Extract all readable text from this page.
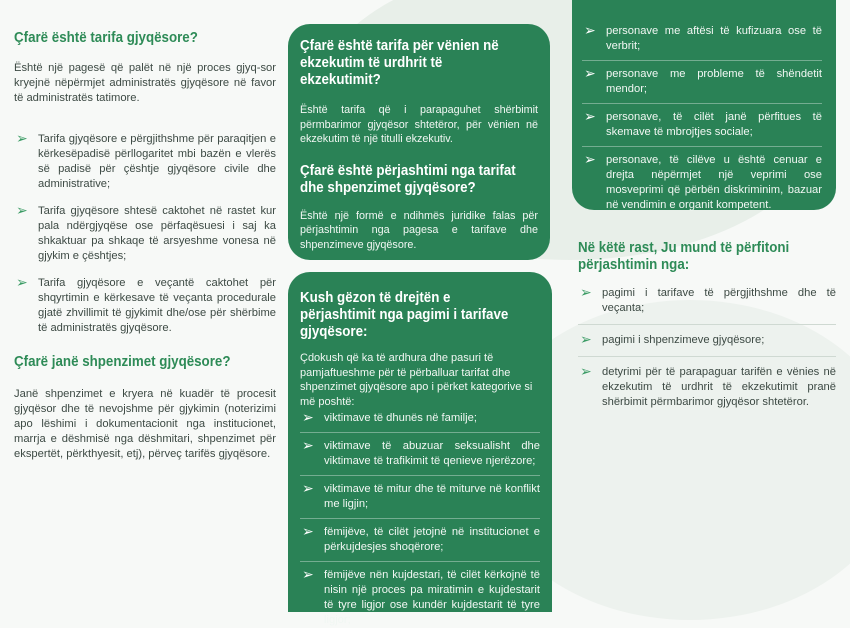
Çfarë është tarifa gjyqësore?

Është një pagesë që palët në një proces gjyq-sor kryejnë nëpërmjet administratës gjyqësore në favor të administratës tatimore.

➢ Tarifa gjyqësore e përgjithshme për paraqitjen e kërkesëpadisë përllogaritet mbi bazën e vlerës së padisë për çështje gjyqësore civile dhe administrative;
➢ Tarifa gjyqësore shtesë caktohet në rastet kur pala ndërgjyqëse ose përfaqësuesi i saj ka shkaktuar pa shkaqe të arsyeshme vonesa në gjykim e çështjes;
➢ Tarifa gjyqësore e veçantë caktohet për shqyrtimin e kërkesave të veçanta procedurale gjatë zhvillimit të gjykimit dhe/ose për shërbime të administratës gjyqësore.
Çfarë janë shpenzimet gjyqësore?

Janë shpenzimet e kryera në kuadër të procesit gjyqësor dhe të nevojshme për gjykimin (noterizimi apo lëshimi i dokumentacionit nga institucionet, marrja e dëshmisë nga dëshmitari, shpenzimet për ekspertët, përkthyesit, etj), përveç tarifës gjyqësore.

Çfarë është tarifa për vënien në ekzekutim të urdhrit të ekzekutimit?

Është tarifa që i parapaguhet shërbimit përmbarimor gjyqësor shtetëror, për vënien në ekzekutim të një titulli ekzekutiv.

Çfarë është përjashtimi nga tarifat dhe shpenzimet gjyqësore?

Është një formë e ndihmës juridike falas për përjashtimin nga pagesa e tarifave dhe shpenzimeve gjyqësore.

Kush gëzon të drejtën e përjashtimit nga pagimi i tarifave gjyqësore:

Çdokush që ka të ardhura dhe pasuri të pamjaftueshme për të përballuar tarifat dhe shpenzimet gjyqësore apo i përket kategorive si më poshtë:

➢ viktimave të dhunës në familje;
➢ viktimave të abuzuar seksualisht dhe viktimave të trafikimit të qenieve njerëzore;
➢ viktimave të mitur dhe të miturve në konflikt me ligjin;
➢ fëmijëve, të cilët jetojnë në institucionet e përkujdesjes shoqërore;
➢ fëmijëve nën kujdestari, të cilët kërkojnë të nisin një proces pa miratimin e kujdestarit të tyre ligjor ose kundër kujdestarit të tyre ligjor;
➢ personave me aftësi të kufizuara ose të verbrit;
➢ personave me probleme të shëndetit mendor;
➢ personave, të cilët janë përfitues të skemave të mbrojtjes sociale;
➢ personave, të cilëve u është cenuar e drejta nëpërmjet një veprimi ose mosveprimi që përbën diskriminim, bazuar në vendimin e organit kompetent.
Në këtë rast, Ju mund të përfitoni përjashtimin nga:
➢ pagimi i tarifave të përgjithshme dhe të veçanta;
➢ pagimi i shpenzimeve gjyqësore;
➢ detyrimi për të parapaguar tarifën e vënies në ekzekutim të urdhrit të ekzekutimit pranë shërbimit përmbarimor gjyqësor shtetëror.
